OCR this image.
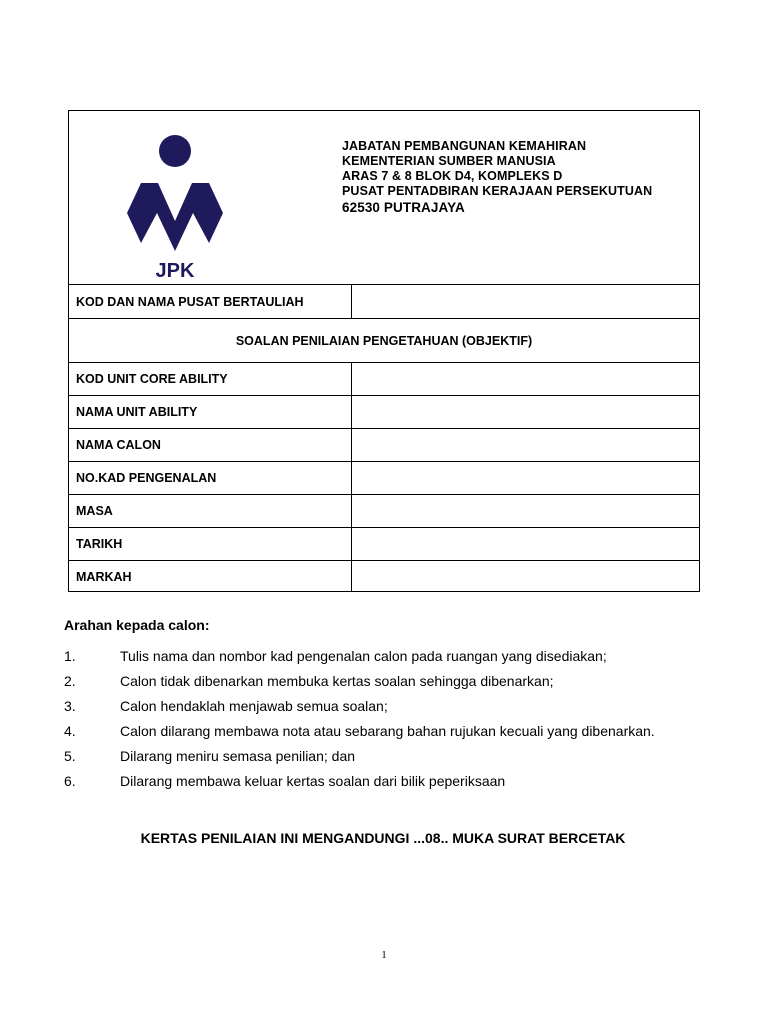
JPK
JABATAN PEMBANGUNAN KEMAHIRAN
KEMENTERIAN SUMBER MANUSIA
ARAS 7 & 8 BLOK D4, KOMPLEKS D
PUSAT PENTADBIRAN KERAJAAN PERSEKUTUAN
62530 PUTRAJAYA
KOD DAN NAMA PUSAT BERTAULIAH
SOALAN PENILAIAN PENGETAHUAN (OBJEKTIF)
KOD UNIT CORE ABILITY
NAMA UNIT ABILITY
NAMA CALON
NO.KAD PENGENALAN
MASA
TARIKH
MARKAH
Arahan kepada calon:
1.	Tulis nama dan nombor kad pengenalan calon pada ruangan yang disediakan;
2.	Calon tidak dibenarkan membuka kertas soalan sehingga dibenarkan;
3.	Calon hendaklah menjawab semua soalan;
4.	Calon dilarang membawa nota atau sebarang bahan rujukan kecuali yang dibenarkan.
5.	Dilarang meniru semasa penilian; dan
6.	Dilarang membawa keluar kertas soalan dari bilik peperiksaan
KERTAS PENILAIAN INI MENGANDUNGI ...08.. MUKA SURAT BERCETAK
1
